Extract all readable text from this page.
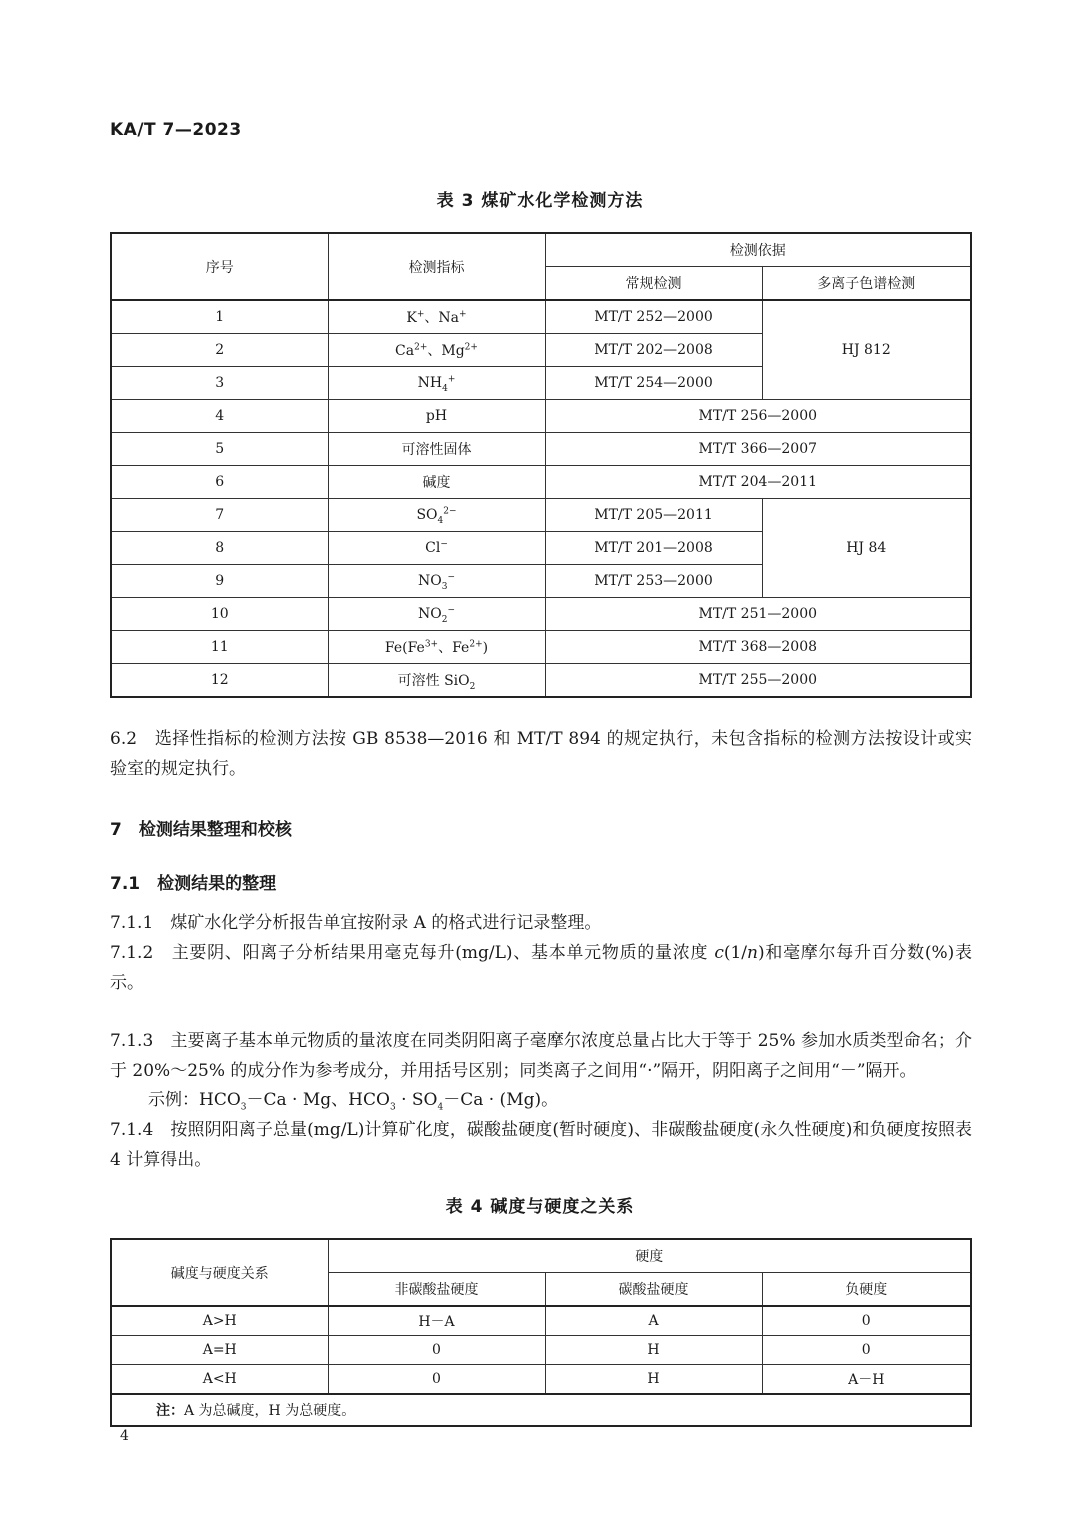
KA/T 7—2023
表 3 煤矿水化学检测方法
序号	检测指标	检测依据	
		常规检测	多离子色谱检测
1	K+、Na+	MT/T 252—2000	HJ 812
2	$Ca^{2+}$、$Mg^{2+}$	MT/T 202—2008	
3	$NH_4^+$	MT/T 254—2000	
4	pH	MT/T 256—2000	
5	可溶性固体	MT/T 366—2007	
6	碱度	MT/T 204—2011	
7	$SO_4^{2-}$	MT/T 205—2011	HJ 84
8	Cl−	MT/T 201—2008	
9	$NO_3^-$	MT/T 253—2000	
10	$NO_2^-$	MT/T 251—2000	
11	$Fe(Fe^{3+}$、$Fe^{2+}$)	MT/T 368—2008	
12	可溶性 SiO$_2$	MT/T 255—2000	
6.2　选择性指标的检测方法按 GB 8538—2016 和 MT/T 894 的规定执行，未包含指标的检测方法按设计或实验室的规定执行。
7　检测结果整理和校核
7.1　检测结果的整理
7.1.1　煤矿水化学分析报告单宜按附录 A 的格式进行记录整理。
7.1.2　主要阴、阳离子分析结果用毫克每升(mg/L)、基本单元物质的量浓度 c(1/n)和毫摩尔每升百分数(%)表示。
7.1.3　主要离子基本单元物质的量浓度在同类阴阳离子毫摩尔浓度总量占比大于等于 25% 参加水质类型命名；介于 20%～25% 的成分作为参考成分，并用括号区别；同类离子之间用“·”隔开，阴阳离子之间用“－”隔开。
示例：$HCO_3-Ca \cdot Mg$、$HCO_3 \cdot SO_4-Ca \cdot (Mg)$。
7.1.4　按照阴阳离子总量(mg/L)计算矿化度，碳酸盐硬度(暂时硬度)、非碳酸盐硬度(永久性硬度)和负硬度按照表 4 计算得出。
表 4 碱度与硬度之关系
碱度与硬度关系	硬度		
	非碳酸盐硬度	碳酸盐硬度	负硬度
A>H	H－A	A	0
A=H	0	H	0
A<H	0	H	A－H
注：A 为总碱度，H 为总硬度。			
4
